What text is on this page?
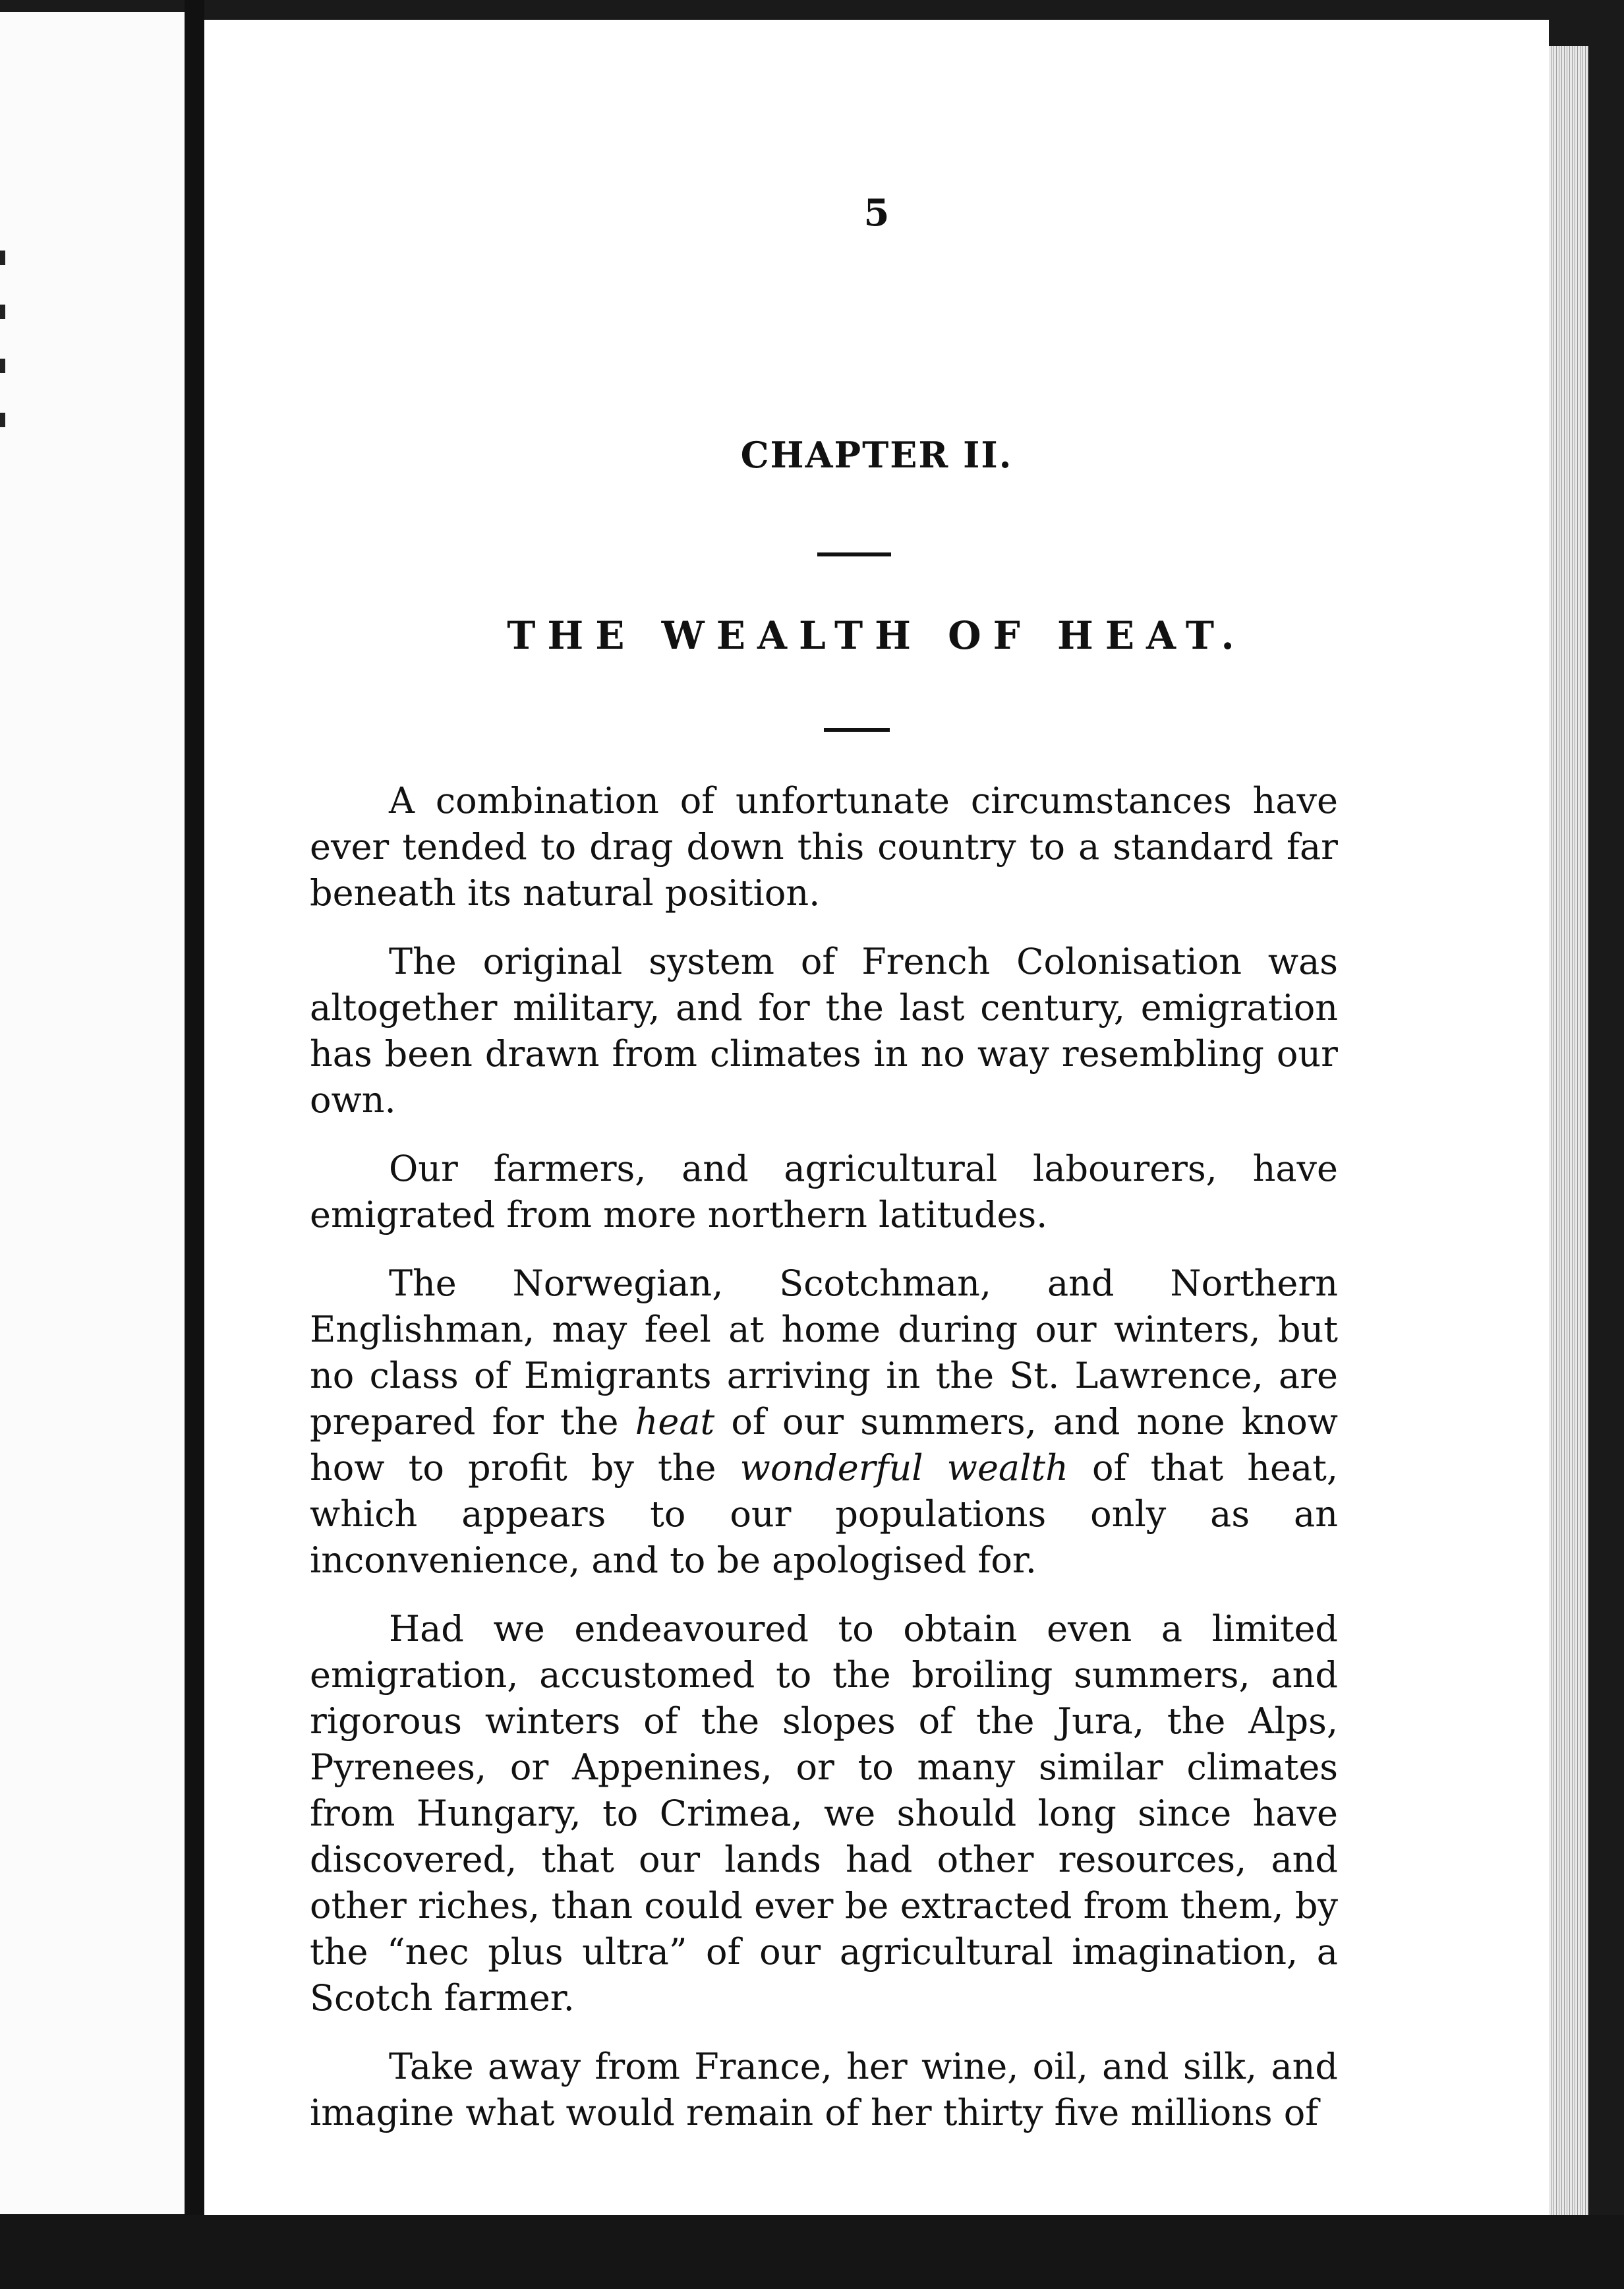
5
CHAPTER II.
THE WEALTH OF HEAT.

A combination of unfortunate circumstances have ever tended to drag down this country to a standard far beneath its natural position.

The original system of French Colonisation was altogether military, and for the last century, emigration has been drawn from climates in no way resembling our own.

Our farmers, and agricultural labourers, have emigrated from more northern latitudes.

The Norwegian, Scotchman, and Northern Englishman, may feel at home during our winters, but no class of Emigrants arriving in the St. Lawrence, are prepared for the heat of our summers, and none know how to profit by the wonderful wealth of that heat, which appears to our populations only as an inconvenience, and to be apologised for.

Had we endeavoured to obtain even a limited emigration, accustomed to the broiling summers, and rigorous winters of the slopes of the Jura, the Alps, Pyrenees, or Appenines, or to many similar climates from Hungary, to Crimea, we should long since have discovered, that our lands had other resources, and other riches, than could ever be extracted from them, by the “nec plus ultra” of our agricultural imagination, a Scotch farmer.

Take away from France, her wine, oil, and silk, and imagine what would remain of her thirty five millions of
